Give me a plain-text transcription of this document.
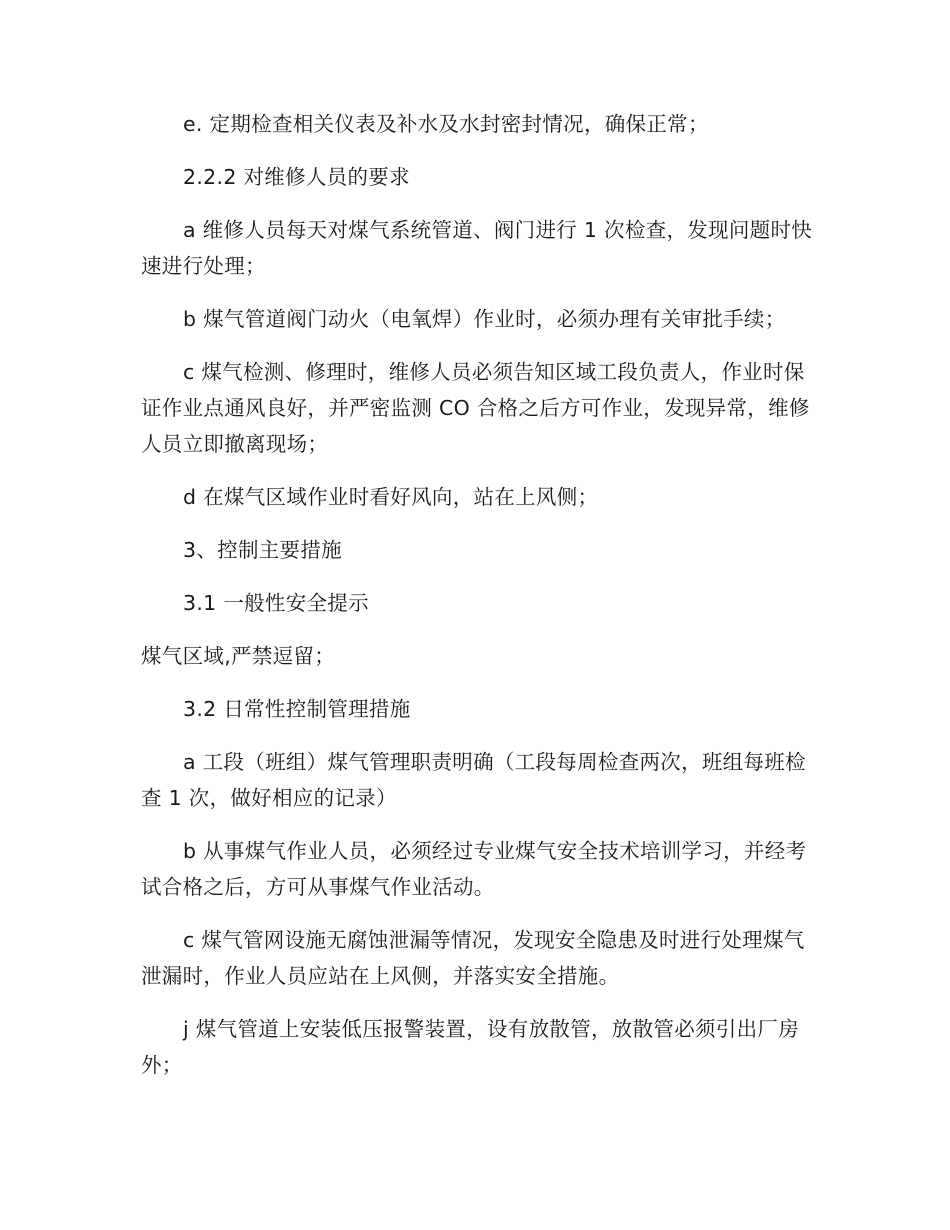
e. 定期检查相关仪表及补水及水封密封情况，确保正常；

2.2.2 对维修人员的要求

a 维修人员每天对煤气系统管道、阀门进行 1 次检查，发现问题时快速进行处理；

b 煤气管道阀门动火（电氧焊）作业时，必须办理有关审批手续；

c 煤气检测、修理时，维修人员必须告知区域工段负责人，作业时保证作业点通风良好，并严密监测 CO 合格之后方可作业，发现异常，维修人员立即撤离现场；

d 在煤气区域作业时看好风向，站在上风侧；

3、控制主要措施

3.1 一般性安全提示

煤气区域,严禁逗留；

3.2 日常性控制管理措施

a 工段（班组）煤气管理职责明确（工段每周检查两次，班组每班检查 1 次，做好相应的记录）

b 从事煤气作业人员，必须经过专业煤气安全技术培训学习，并经考试合格之后，方可从事煤气作业活动。

c 煤气管网设施无腐蚀泄漏等情况，发现安全隐患及时进行处理煤气泄漏时，作业人员应站在上风侧，并落实安全措施。

j 煤气管道上安装低压报警装置，设有放散管，放散管必须引出厂房外；
